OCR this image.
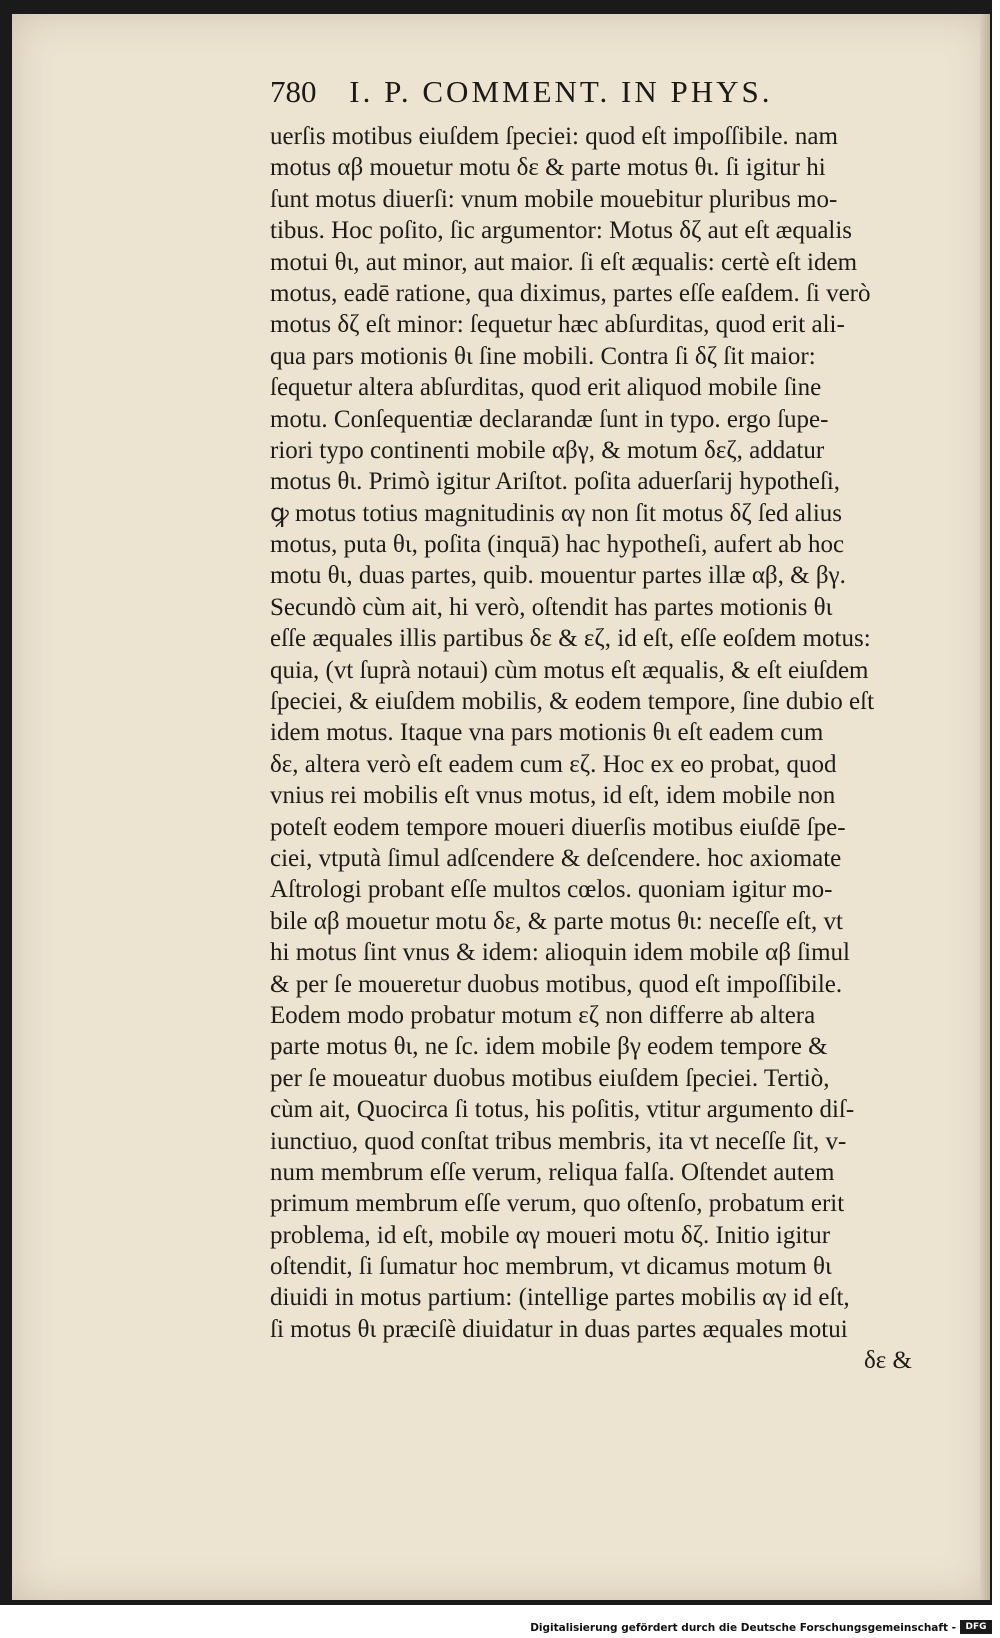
780 I. P. COMMENT. IN PHYS.
uerſis motibus eiuſdem ſpeciei: quod eſt impoſſibile. nam
motus αβ mouetur motu δε & parte motus θι. ſi igitur hi
ſunt motus diuerſi: vnum mobile mouebitur pluribus mo-
tibus. Hoc poſito, ſic argumentor: Motus δζ aut eſt æqualis
motui θι, aut minor, aut maior. ſi eſt æqualis: certè eſt idem
motus, eadē ratione, qua diximus, partes eſſe eaſdem. ſi verò
motus δζ eſt minor: ſequetur hæc abſurditas, quod erit ali-
qua pars motionis θι ſine mobili. Contra ſi δζ ſit maior:
ſequetur altera abſurditas, quod erit aliquod mobile ſine
motu. Conſequentiæ declarandæ ſunt in typo. ergo ſupe-
riori typo continenti mobile αβγ, & motum δεζ, addatur
motus θι. Primò igitur Ariſtot. poſita aduerſarij hypotheſi,
ꝙ motus totius magnitudinis αγ non ſit motus δζ ſed alius
motus, puta θι, poſita (inquā) hac hypotheſi, aufert ab hoc
motu θι, duas partes, quib. mouentur partes illæ αβ, & βγ.
Secundò cùm ait, hi verò, oſtendit has partes motionis θι
eſſe æquales illis partibus δε & εζ, id eſt, eſſe eoſdem motus:
quia, (vt ſuprà notaui) cùm motus eſt æqualis, & eſt eiuſdem
ſpeciei, & eiuſdem mobilis, & eodem tempore, ſine dubio eſt
idem motus. Itaque vna pars motionis θι eſt eadem cum
δε, altera verò eſt eadem cum εζ. Hoc ex eo probat, quod
vnius rei mobilis eſt vnus motus, id eſt, idem mobile non
poteſt eodem tempore moueri diuerſis motibus eiuſdē ſpe-
ciei, vtputà ſimul adſcendere & deſcendere. hoc axiomate
Aſtrologi probant eſſe multos cœlos. quoniam igitur mo-
bile αβ mouetur motu δε, & parte motus θι: neceſſe eſt, vt
hi motus ſint vnus & idem: alioquin idem mobile αβ ſimul
& per ſe moueretur duobus motibus, quod eſt impoſſibile.
Eodem modo probatur motum εζ non differre ab altera
parte motus θι, ne ſc. idem mobile βγ eodem tempore &
per ſe moueatur duobus motibus eiuſdem ſpeciei. Tertiò,
cùm ait, Quocirca ſi totus, his poſitis, vtitur argumento diſ-
iunctiuo, quod conſtat tribus membris, ita vt neceſſe ſit, v-
num membrum eſſe verum, reliqua falſa. Oſtendet autem
primum membrum eſſe verum, quo oſtenſo, probatum erit
problema, id eſt, mobile αγ moueri motu δζ. Initio igitur
oſtendit, ſi ſumatur hoc membrum, vt dicamus motum θι
diuidi in motus partium: (intellige partes mobilis αγ id eſt,
ſi motus θι præciſè diuidatur in duas partes æquales motui
δε &
Digitalisierung gefördert durch die Deutsche Forschungsgemeinschaft -	DFG
